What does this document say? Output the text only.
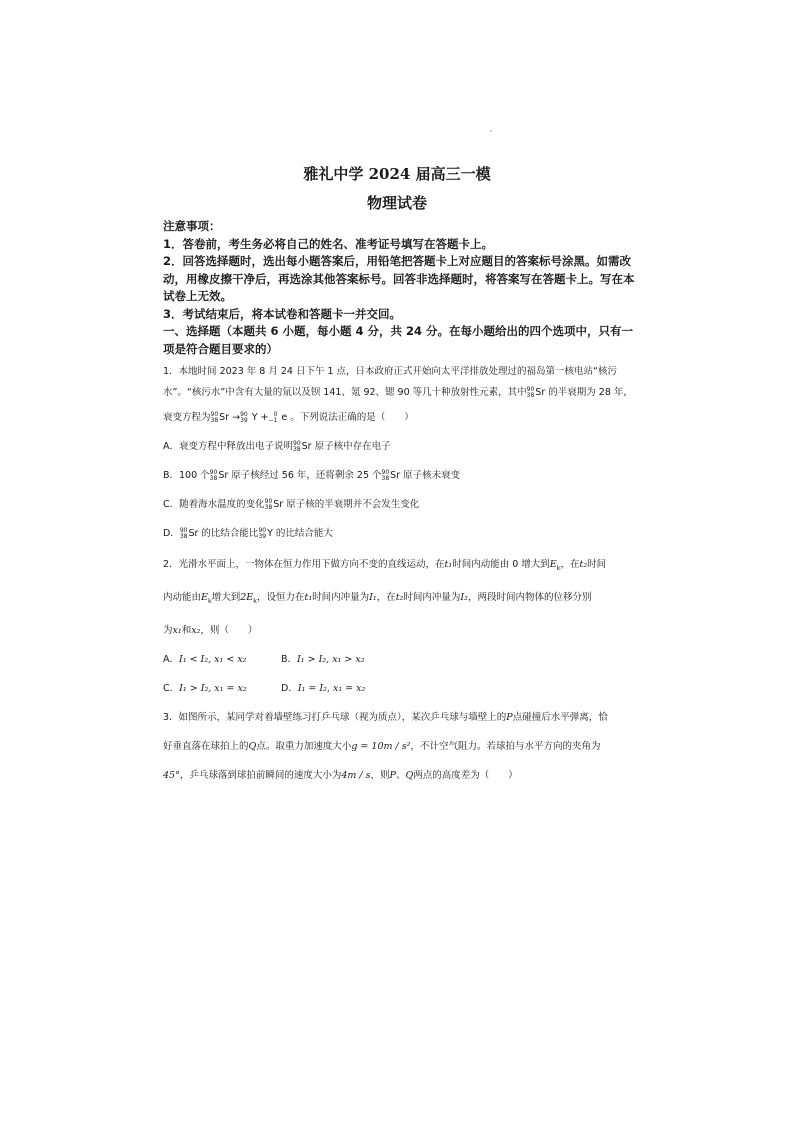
雅礼中学 2024 届高三一模
物理试卷

注意事项：

1．答卷前，考生务必将自己的姓名、准考证号填写在答题卡上。

2．回答选择题时，选出每小题答案后，用铅笔把答题卡上对应题目的答案标号涂黑。如需改动，用橡皮擦干净后，再选涂其他答案标号。回答非选择题时，将答案写在答题卡上。写在本试卷上无效。

3．考试结束后，将本试卷和答题卡一并交回。

一、选择题（本题共 6 小题，每小题 4 分，共 24 分。在每小题给出的四个选项中，只有一项是符合题目要求的）

1．本地时间 2023 年 8 月 24 日下午 1 点，日本政府正式开始向太平洋排放处理过的福岛第一核电站“核污水”。“核污水”中含有大量的氚以及钡 141、氪 92、锶 90 等几十种放射性元素，其中 90
38 Sr 的半衰期为 28 年，

衰变方程为 90
38 Sr → 90
39 Y + 0
−1 e 。下列说法正确的是（　　）

A．衰变方程中释放出电子说明 90
38 Sr 原子核中存在电子

B．100 个 90
38 Sr 原子核经过 56 年，还将剩余 25 个 90
38 Sr 原子核未衰变

C．随着海水温度的变化 90
38 Sr 原子核的半衰期并不会发生变化

D． 90
38 Sr 的比结合能比 90
39 Y 的比结合能大

2．光滑水平面上，一物体在恒力作用下做方向不变的直线运动，在t₁时间内动能由 0 增大到$E_k$，在t₂时间

内动能由$E_k$增大到$2E_k$，设恒力在t₁时间内冲量为I₁，在t₂时间内冲量为I₂，两段时间内物体的位移分别

为x₁和x₂，则（　　）

A．I₁ < I₂, x₁ < x₂	B．I₁ > I₂, x₁ > x₂
C．I₁ > I₂, x₁ = x₂	D．I₁ = I₂, x₁ = x₂

3．如图所示，某同学对着墙壁练习打乒乓球（视为质点），某次乒乓球与墙壁上的P点碰撞后水平弹离，恰

好垂直落在球拍上的Q点。取重力加速度大小g = 10m / s²，不计空气阻力。若球拍与水平方向的夹角为

45°，乒乓球落到球拍前瞬间的速度大小为4m / s，则P、Q两点的高度差为（　　）
